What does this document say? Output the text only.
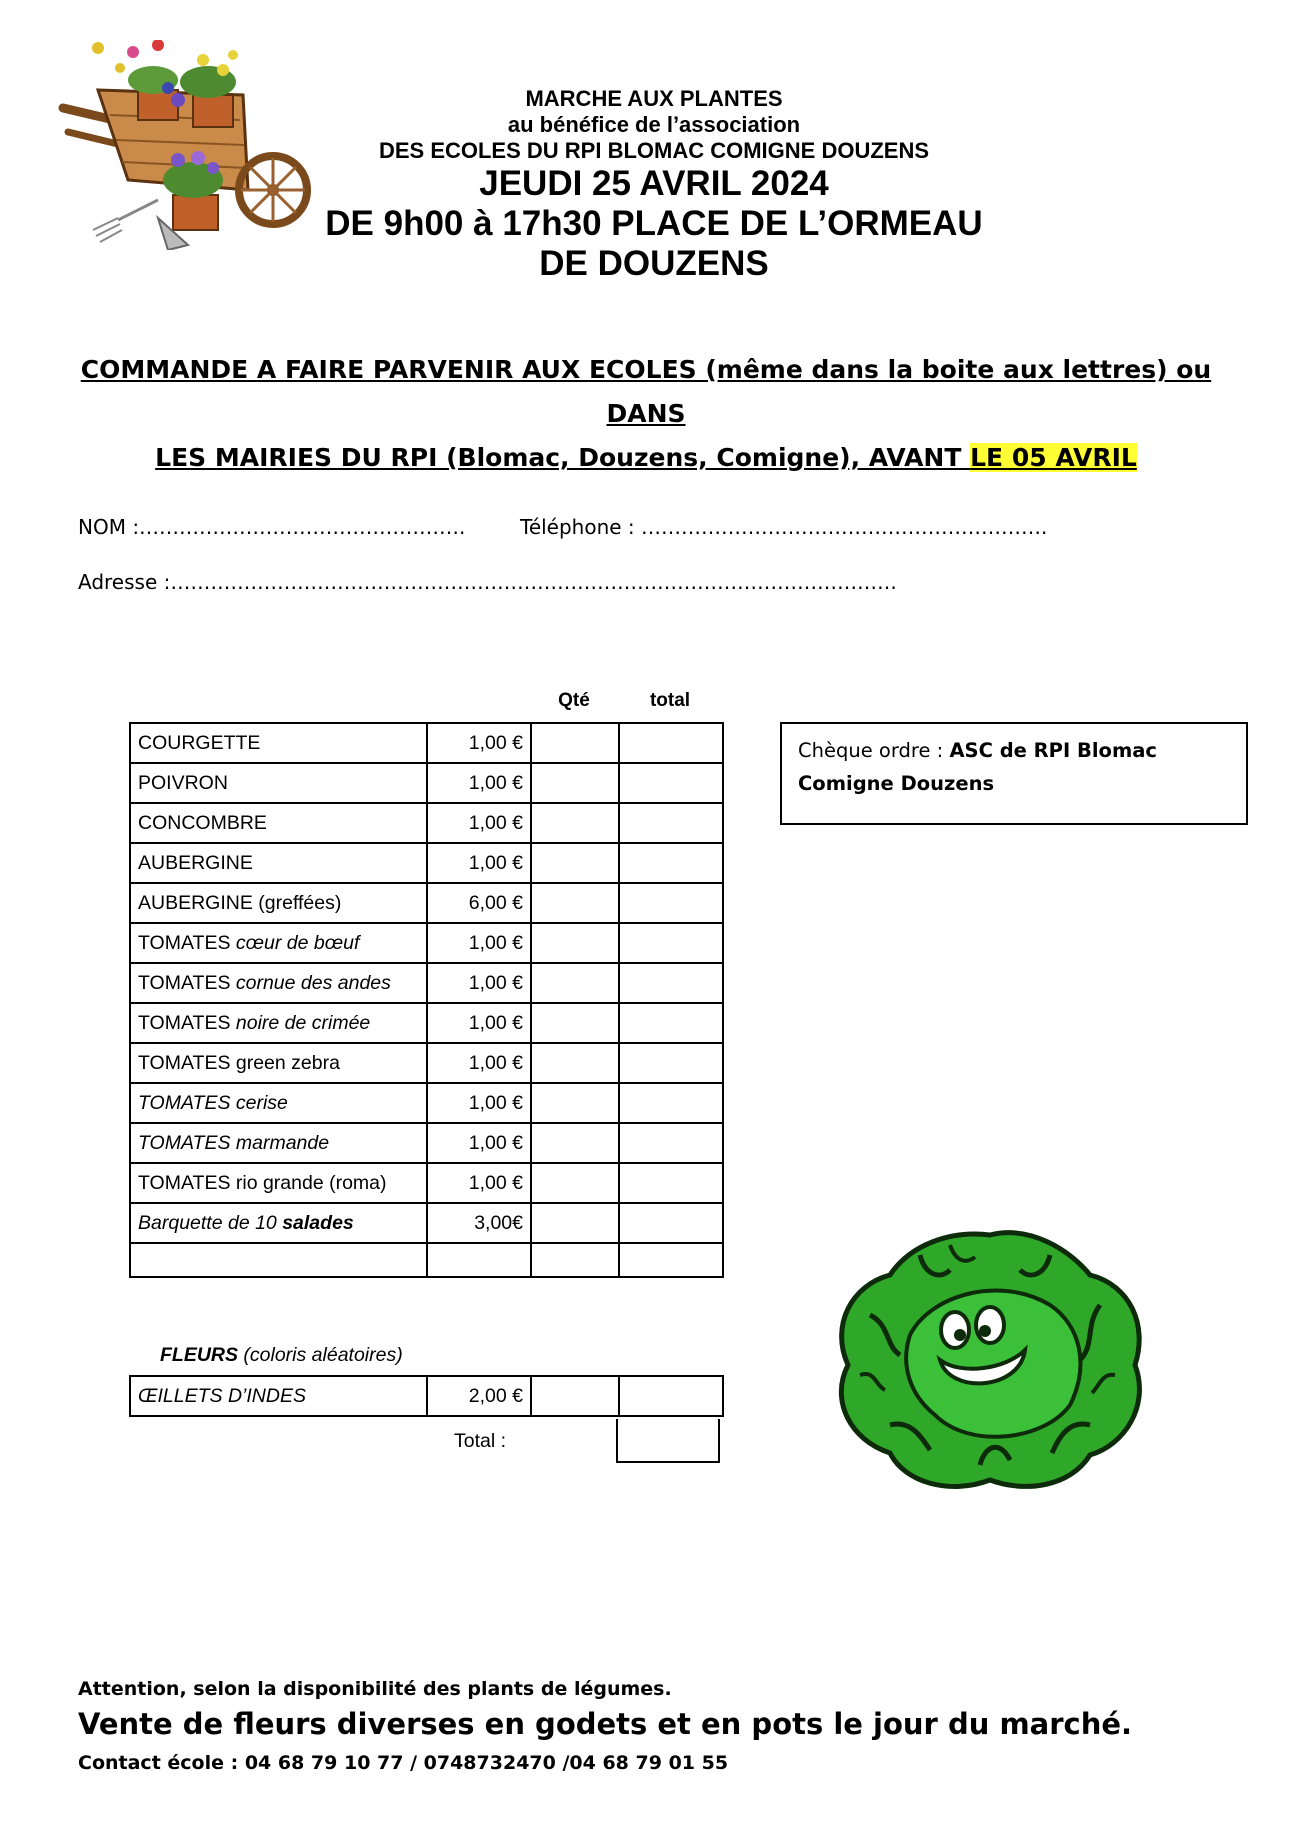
MARCHE AUX PLANTES
au bénéfice de l’association
DES ECOLES DU RPI BLOMAC COMIGNE DOUZENS
JEUDI 25 AVRIL 2024
DE 9h00 à 17h30 PLACE DE L’ORMEAU
DE DOUZENS
COMMANDE A FAIRE PARVENIR AUX ECOLES (même dans la boite aux lettres) ou DANS
LES MAIRIES DU RPI (Blomac, Douzens, Comigne), AVANT LE 05 AVRIL
NOM :………………………………………….	Téléphone : …………………………………………………….
Adresse :……………………………………………………………………………………………….
Qté	total
COURGETTE	1,00 €		
POIVRON	1,00 €		
CONCOMBRE	1,00 €		
AUBERGINE	1,00 €		
AUBERGINE (greffées)	6,00 €		
TOMATES cœur de bœuf	1,00 €		
TOMATES cornue des andes	1,00 €		
TOMATES noire de crimée	1,00 €		
TOMATES green zebra	1,00 €		
TOMATES cerise	1,00 €		
TOMATES marmande	1,00 €		
TOMATES rio grande (roma)	1,00 €		
Barquette de 10 salades	3,00€		

FLEURS (coloris aléatoires)
ŒILLETS D’INDES	2,00 €		
Total :
Chèque ordre : ASC de RPI Blomac Comigne Douzens
Attention, selon la disponibilité des plants de légumes.
Vente de fleurs diverses en godets et en pots le jour du marché.
Contact école : 04 68 79 10 77 / 0748732470 /04 68 79 01 55
